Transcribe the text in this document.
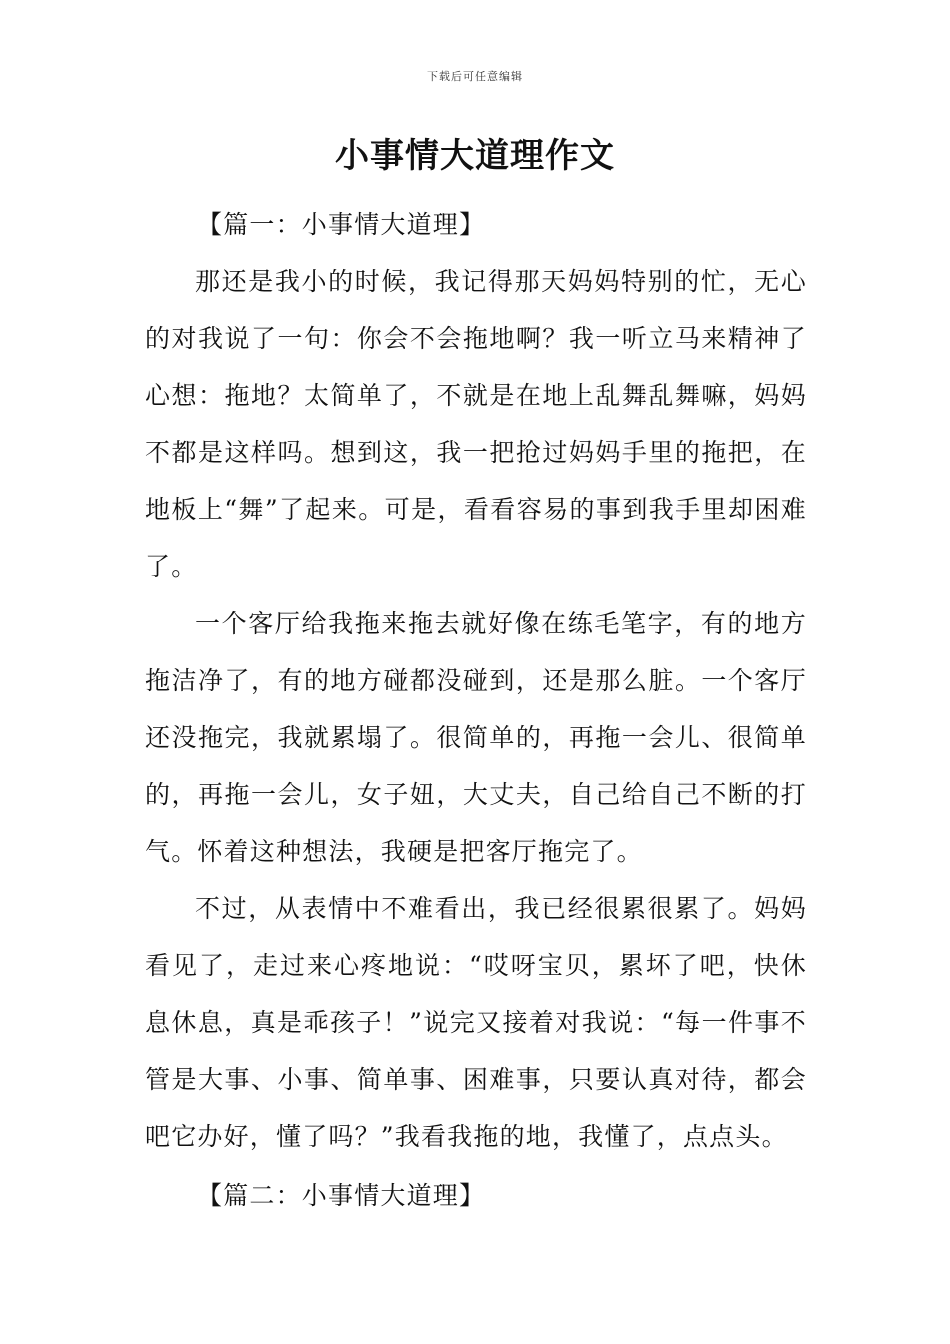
下载后可任意编辑
小事情大道理作文
【篇一：小事情大道理】

那还是我小的时候，我记得那天妈妈特别的忙，无心的对我说了一句：你会不会拖地啊？我一听立马来精神了心想：拖地？太简单了，不就是在地上乱舞乱舞嘛，妈妈不都是这样吗。想到这，我一把抢过妈妈手里的拖把，在地板上“舞”了起来。可是，看看容易的事到我手里却困难了。

一个客厅给我拖来拖去就好像在练毛笔字，有的地方拖洁净了，有的地方碰都没碰到，还是那么脏。一个客厅还没拖完，我就累塌了。很简单的，再拖一会儿、很简单的，再拖一会儿，女子妞，大丈夫，自己给自己不断的打气。怀着这种想法，我硬是把客厅拖完了。

不过，从表情中不难看出，我已经很累很累了。妈妈看见了，走过来心疼地说：“哎呀宝贝，累坏了吧，快休息休息，真是乖孩子！”说完又接着对我说：“每一件事不管是大事、小事、简单事、困难事，只要认真对待，都会吧它办好，懂了吗？”我看我拖的地，我懂了，点点头。

【篇二：小事情大道理】
